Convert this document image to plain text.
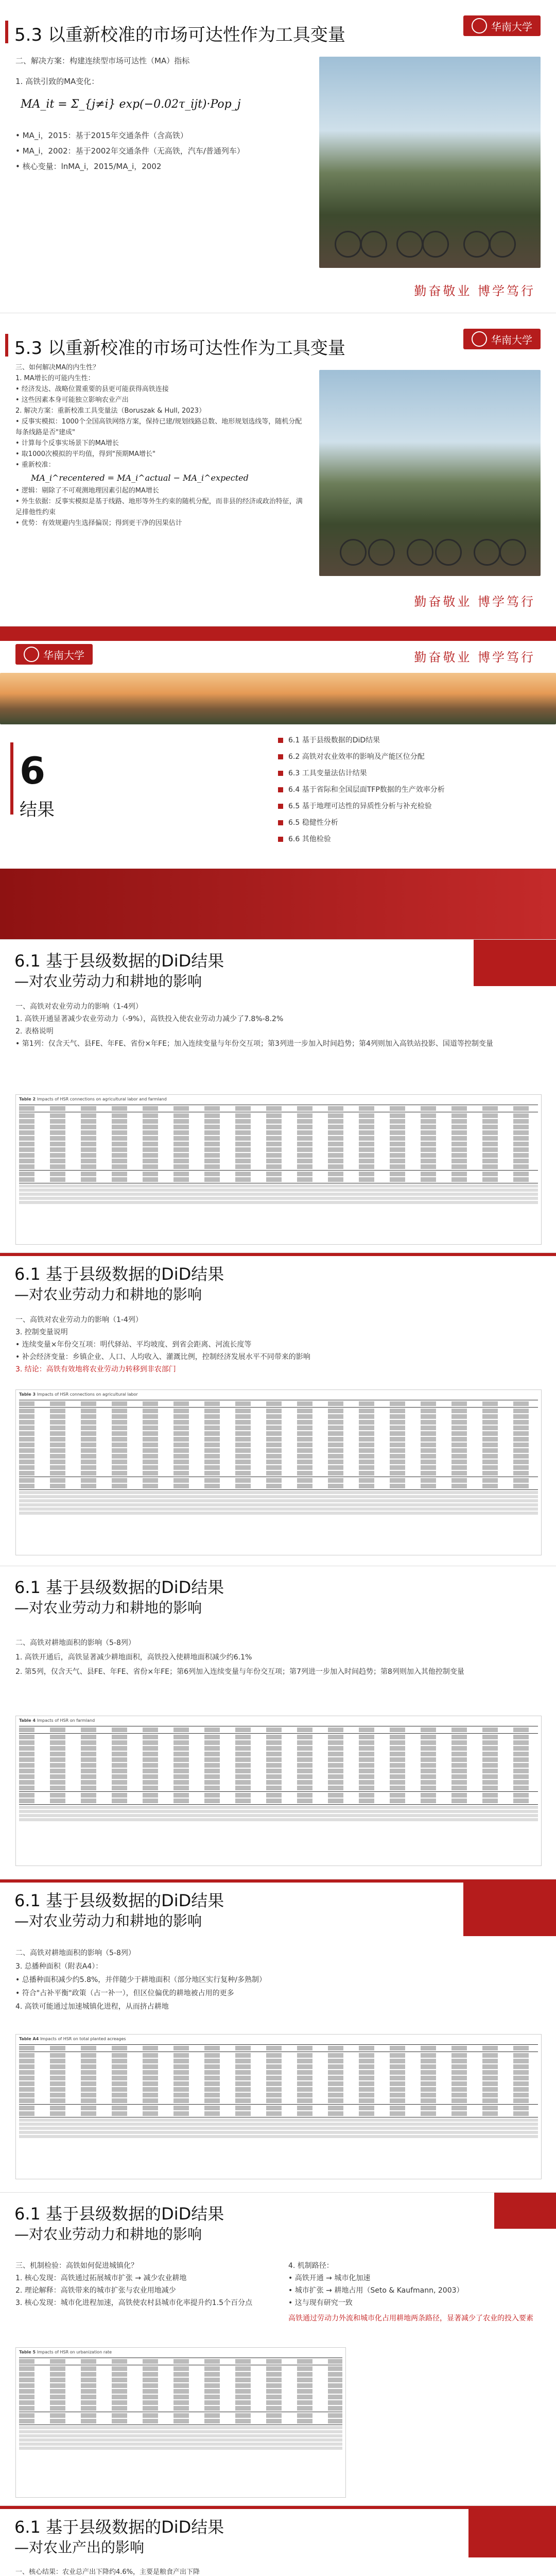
5.3 以重新校准的市场可达性作为工具变量	华南大学
二、解决方案：构建连续型市场可达性（MA）指标
1. 高铁引致的MA变化：
MA_it = Σ_{j≠i} exp(−0.02τ_ijt)·Pop_j
• MA_i，2015：基于2015年交通条件（含高铁）
• MA_i，2002：基于2002年交通条件（无高铁，汽车/普通列车）
• 核心变量：lnMA_i，2015/MA_i，2002
勤奋敬业 博学笃行
5.3 以重新校准的市场可达性作为工具变量	华南大学
三、如何解决MA的内生性？
1. MA增长的可能内生性：
• 经济发达、战略位置重要的县更可能获得高铁连接
• 这些因素本身可能独立影响农业产出
2. 解决方案：重新校准工具变量法（Boruszak & Hull, 2023）
• 反事实模拟：1000个全国高铁网络方案，保持已建/规划线路总数、地形规划选线等，随机分配每条线路是否"建成"
• 计算每个反事实场景下的MA增长
• 取1000次模拟的平均值，得到"预期MA增长"
• 重新校准：
MA_i^recentered = MA_i^actual − MA_i^expected
• 逻辑：剔除了不可观测地理因素引起的MA增长
• 外生依据：反事实模拟是基于线路、地形等外生约束的随机分配，而非县的经济或政治特征，满足排他性约束
• 优势：有效规避内生选择偏误；得到更干净的因果估计
勤奋敬业 博学笃行
华南大学	勤奋敬业 博学笃行
6
结果
6.1 基于县级数据的DiD结果
6.2 高铁对农业效率的影响及产能区位分配
6.3 工具变量法估计结果
6.4 基于省际和全国层面TFP数据的生产效率分析
6.5 基于地理可达性的异质性分析与补充检验
6.5 稳健性分析
6.6 其他检验
6.1 基于县级数据的DiD结果
—对农业劳动力和耕地的影响
一、高铁对农业劳动力的影响（1-4列）
1. 高铁开通显著减少农业劳动力（-9%），高铁投入使农业劳动力减少了7.8%-8.2%
2. 表格说明
• 第1列：仅含天气、县FE、年FE、省份×年FE；加入连续变量与年份交互项；第3列进一步加入时间趋势；第4列则加入高铁站投影、国道等控制变量
Table 2 Impacts of HSR connections on agricultural labor and farmland
6.1 基于县级数据的DiD结果
—对农业劳动力和耕地的影响
一、高铁对农业劳动力的影响（1-4列）
3. 控制变量说明
• 连续变量×年份交互项：明代驿站、平均坡度、到省会距离、河流长度等
• 补会经济变量：乡镇企业、人口、人均收入、灌溉比例，控制经济发展水平不同带来的影响
3. 结论：高铁有效地将农业劳动力转移到非农部门
Table 3 Impacts of HSR connections on agricultural labor
6.1 基于县级数据的DiD结果
—对农业劳动力和耕地的影响
二、高铁对耕地面积的影响（5-8列）
1. 高铁开通后，高铁显著减少耕地面积，高铁投入使耕地面积减少约6.1%
2. 第5列，仅含天气、县FE、年FE、省份×年FE；第6列加入连续变量与年份交互项；第7列进一步加入时间趋势；第8列则加入其他控制变量
Table 4 Impacts of HSR on farmland
6.1 基于县级数据的DiD结果
—对农业劳动力和耕地的影响
二、高铁对耕地面积的影响（5-8列）
3. 总播种面积（附表A4）：
• 总播种面积减少约5.8%，并伴随少于耕地面积（部分地区实行复种/多熟制）
• 符合"占补平衡"政策（占一补一），但区位偏优的耕地被占用的更多
4. 高铁可能通过加速城镇化进程，从而挤占耕地
Table A4 Impacts of HSR on total planted acreages
6.1 基于县级数据的DiD结果
—对农业劳动力和耕地的影响
三、机制检验：高铁如何促进城镇化？
1. 核心发现：高铁通过拓展城市扩张 → 减少农业耕地
2. 理论解释：高铁带来的城市扩张与农业用地减少
3. 核心发现：城市化进程加速，高铁使农村县城市化率提升约1.5个百分点
4. 机制路径：
• 高铁开通 → 城市化加速
• 城市扩张 → 耕地占用（Seto & Kaufmann, 2003）
• 这与现有研究一致
高铁通过劳动力外流和城市化占用耕地两条路径，显著减少了农业的投入要素
Table 5 Impacts of HSR on urbanization rate
6.1 基于县级数据的DiD结果
—对农业产出的影响
一、核心结果：农业总产出下降约4.6%，主要是粮食产出下降
